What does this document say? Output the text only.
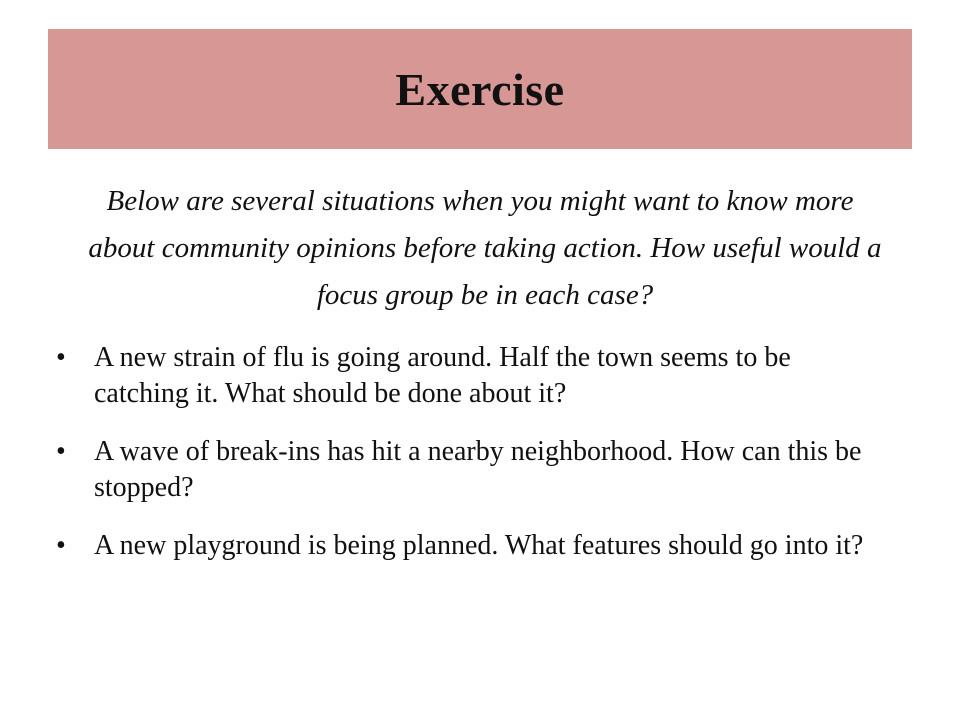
Exercise
Below are several situations when you might want to know more about community opinions before taking action. How useful would a focus group be in each case?
• A new strain of flu is going around. Half the town seems to be catching it. What should be done about it?
• A wave of break-ins has hit a nearby neighborhood. How can this be stopped?
• A new playground is being planned. What features should go into it?
